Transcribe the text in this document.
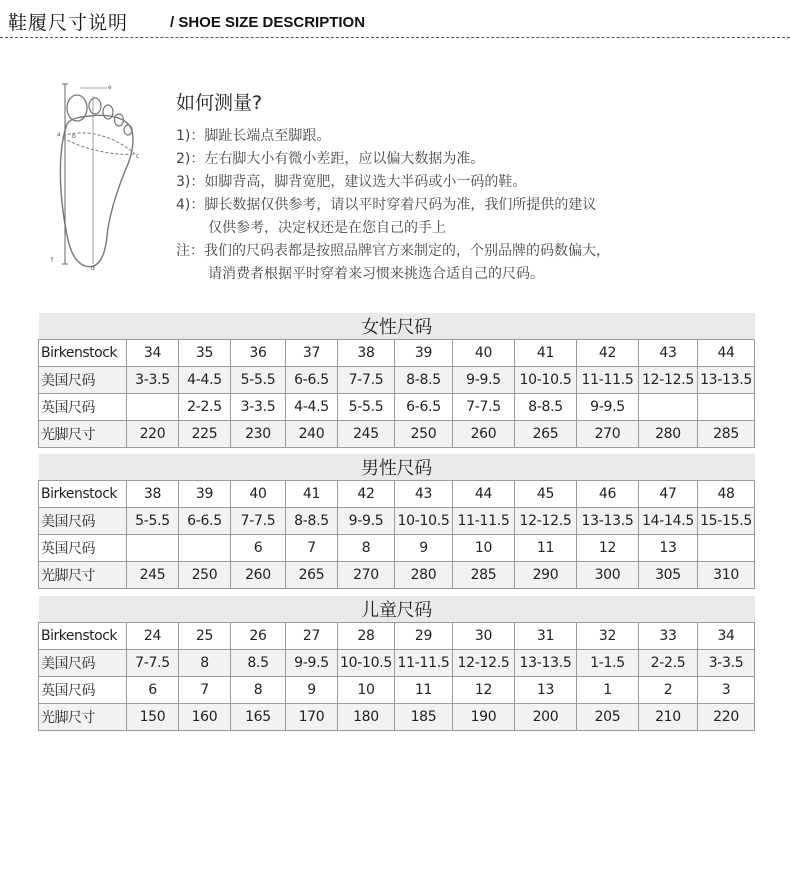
鞋履尺寸说明	/ SHOE SIZE DESCRIPTION
e
a b
c
d
f
如何测量?
1)：脚趾长端点至脚跟。
2)：左右脚大小有微小差距，应以偏大数据为准。
3)：如脚背高，脚背宽肥，建议选大半码或小一码的鞋。
4)：脚长数据仅供参考，请以平时穿着尺码为准，我们所提供的建议
仅供参考，决定权还是在您自己的手上
注：我们的尺码表都是按照品牌官方来制定的，个别品牌的码数偏大，
请消费者根据平时穿着来习惯来挑选合适自己的尺码。
女性尺码											

Birkenstock	34	35	36	37	38	39	40	41	42	43	44
美国尺码	3-3.5	4-4.5	5-5.5	6-6.5	7-7.5	8-8.5	9-9.5	10-10.5	11-11.5	12-12.5	13-13.5
英国尺码		2-2.5	3-3.5	4-4.5	5-5.5	6-6.5	7-7.5	8-8.5	9-9.5		
光脚尺寸	220	225	230	240	245	250	260	265	270	280	285
男性尺码											

Birkenstock	38	39	40	41	42	43	44	45	46	47	48
美国尺码	5-5.5	6-6.5	7-7.5	8-8.5	9-9.5	10-10.5	11-11.5	12-12.5	13-13.5	14-14.5	15-15.5
英国尺码			6	7	8	9	10	11	12	13	
光脚尺寸	245	250	260	265	270	280	285	290	300	305	310
儿童尺码											

Birkenstock	24	25	26	27	28	29	30	31	32	33	34
美国尺码	7-7.5	8	8.5	9-9.5	10-10.5	11-11.5	12-12.5	13-13.5	1-1.5	2-2.5	3-3.5
英国尺码	6	7	8	9	10	11	12	13	1	2	3
光脚尺寸	150	160	165	170	180	185	190	200	205	210	220
